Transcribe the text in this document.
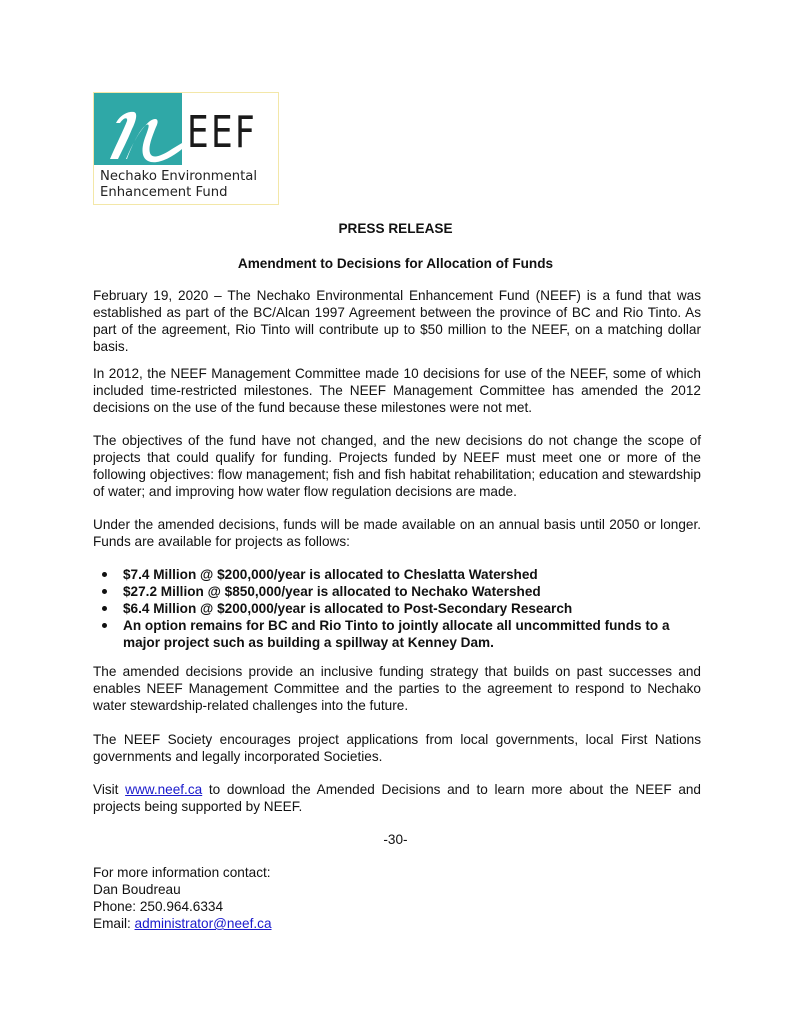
EEF
Nechako Environmental
Enhancement Fund
PRESS RELEASE
Amendment to Decisions for Allocation of Funds

February 19, 2020 – The Nechako Environmental Enhancement Fund (NEEF) is a fund that was established as part of the BC/Alcan 1997 Agreement between the province of BC and Rio Tinto. As part of the agreement, Rio Tinto will contribute up to $50 million to the NEEF, on a matching dollar basis.

In 2012, the NEEF Management Committee made 10 decisions for use of the NEEF, some of which included time-restricted milestones. The NEEF Management Committee has amended the 2012 decisions on the use of the fund because these milestones were not met.

The objectives of the fund have not changed, and the new decisions do not change the scope of projects that could qualify for funding. Projects funded by NEEF must meet one or more of the following objectives: flow management; fish and fish habitat rehabilitation; education and stewardship of water; and improving how water flow regulation decisions are made.

Under the amended decisions, funds will be made available on an annual basis until 2050 or longer. Funds are available for projects as follows:

$7.4 Million @ $200,000/year is allocated to Cheslatta Watershed
$27.2 Million @ $850,000/year is allocated to Nechako Watershed
$6.4 Million @ $200,000/year is allocated to Post-Secondary Research
An option remains for BC and Rio Tinto to jointly allocate all uncommitted funds to a major project such as building a spillway at Kenney Dam.

The amended decisions provide an inclusive funding strategy that builds on past successes and enables NEEF Management Committee and the parties to the agreement to respond to Nechako water stewardship-related challenges into the future.

The NEEF Society encourages project applications from local governments, local First Nations governments and legally incorporated Societies.

Visit www.neef.ca to download the Amended Decisions and to learn more about the NEEF and projects being supported by NEEF.

-30-
For more information contact:
Dan Boudreau
Phone: 250.964.6334
Email: administrator@neef.ca
